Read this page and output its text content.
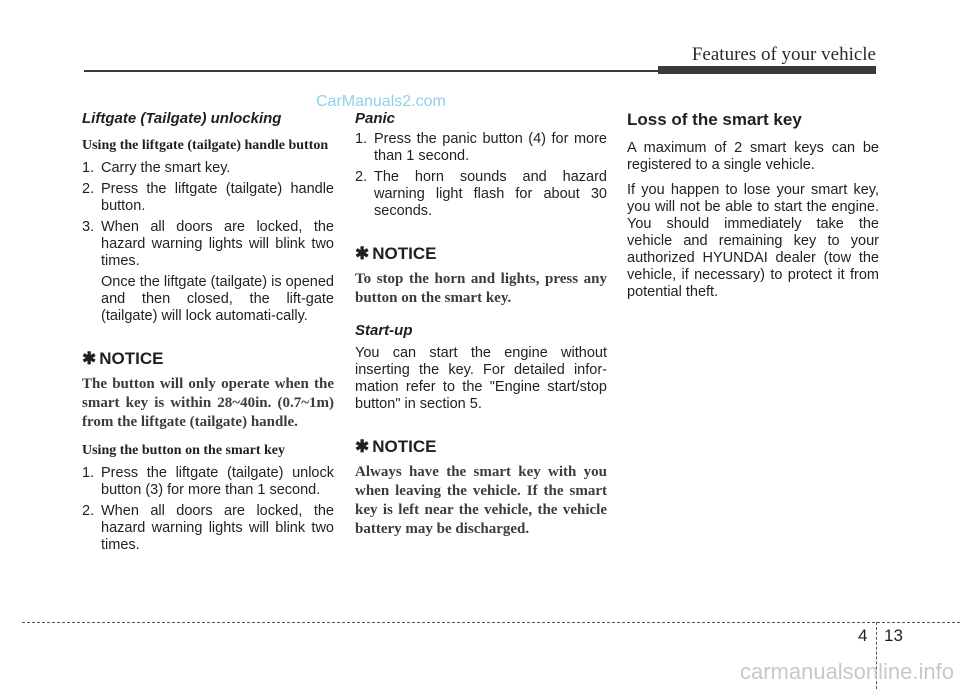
Features of your vehicle
CarManuals2.com
Liftgate (Tailgate) unlocking
Using the liftgate (tailgate) handle button
1. Carry the smart key.
2. Press the liftgate (tailgate) handle button.
3. When all doors are locked, the hazard warning lights will blink two times.
Once the liftgate (tailgate) is opened and then closed, the lift-gate (tailgate) will lock automati-cally.
✱ NOTICE
The button will only operate when the smart key is within 28~40in. (0.7~1m) from the liftgate (tailgate) handle.
Using the button on the smart key
1. Press the liftgate (tailgate) unlock button (3) for more than 1 second.
2. When all doors are locked, the hazard warning lights will blink two times.
Panic
1. Press the panic button (4) for more than 1 second.
2. The horn sounds and hazard warning light flash for about 30 seconds.
✱ NOTICE
To stop the horn and lights, press any button on the smart key.
Start-up
You can start the engine without inserting the key. For detailed infor-mation refer to the "Engine start/stop button" in section 5.
✱ NOTICE
Always have the smart key with you when leaving the vehicle. If the smart key is left near the vehicle, the vehicle battery may be discharged.
Loss of the smart key
A maximum of 2 smart keys can be registered to a single vehicle.
If you happen to lose your smart key, you will not be able to start the engine. You should immediately take the vehicle and remaining key to your authorized HYUNDAI dealer (tow the vehicle, if necessary) to protect it from potential theft.
4 13
carmanualsonline.info
